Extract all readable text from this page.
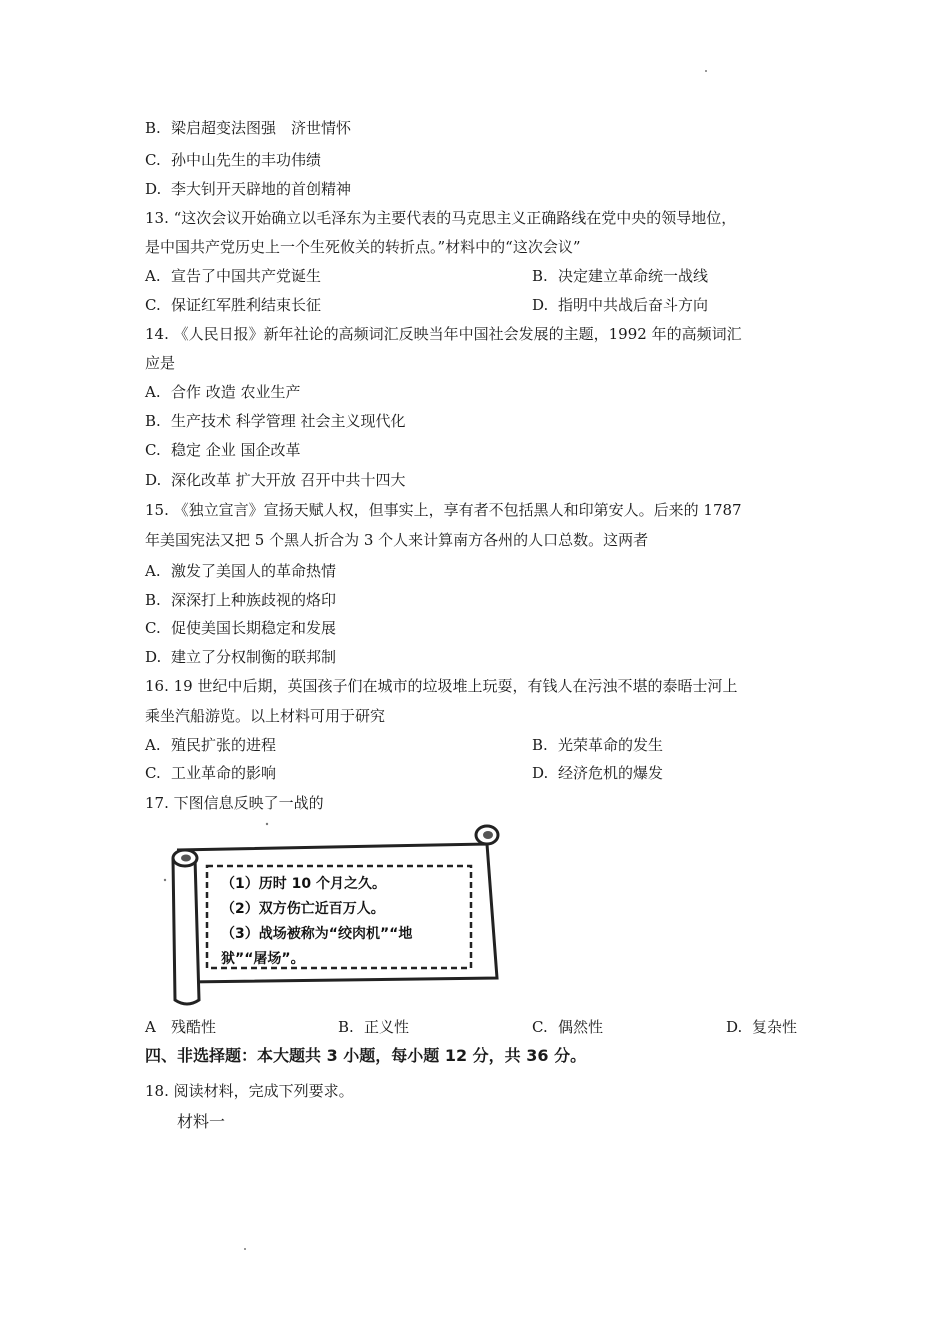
B. 梁启超变法图强　济世情怀
C. 孙中山先生的丰功伟绩
D. 李大钊开天辟地的首创精神
13. “这次会议开始确立以毛泽东为主要代表的马克思主义正确路线在党中央的领导地位，
是中国共产党历史上一个生死攸关的转折点。”材料中的“这次会议”
A. 宣告了中国共产党诞生	B. 决定建立革命统一战线
C. 保证红军胜利结束长征	D. 指明中共战后奋斗方向
14. 《人民日报》新年社论的高频词汇反映当年中国社会发展的主题，1992 年的高频词汇
应是
A. 合作 改造 农业生产
B. 生产技术 科学管理 社会主义现代化
C. 稳定 企业 国企改革
D. 深化改革 扩大开放 召开中共十四大
15. 《独立宣言》宣扬天赋人权，但事实上，享有者不包括黑人和印第安人。后来的 1787
年美国宪法又把 5 个黑人折合为 3 个人来计算南方各州的人口总数。这两者
A. 激发了美国人的革命热情
B. 深深打上种族歧视的烙印
C. 促使美国长期稳定和发展
D. 建立了分权制衡的联邦制
16. 19 世纪中后期，英国孩子们在城市的垃圾堆上玩耍，有钱人在污浊不堪的泰晤士河上
乘坐汽船游览。以上材料可用于研究
A. 殖民扩张的进程	B. 光荣革命的发生
C. 工业革命的影响	D. 经济危机的爆发
17. 下图信息反映了一战的
（1）历时 10 个月之久。
（2）双方伤亡近百万人。
（3）战场被称为“绞肉机”“地
狱”“屠场”。
A 残酷性	B. 正义性	C. 偶然性	D. 复杂性
四、非选择题：本大题共 3 小题，每小题 12 分，共 36 分。
18. 阅读材料，完成下列要求。
材料一
